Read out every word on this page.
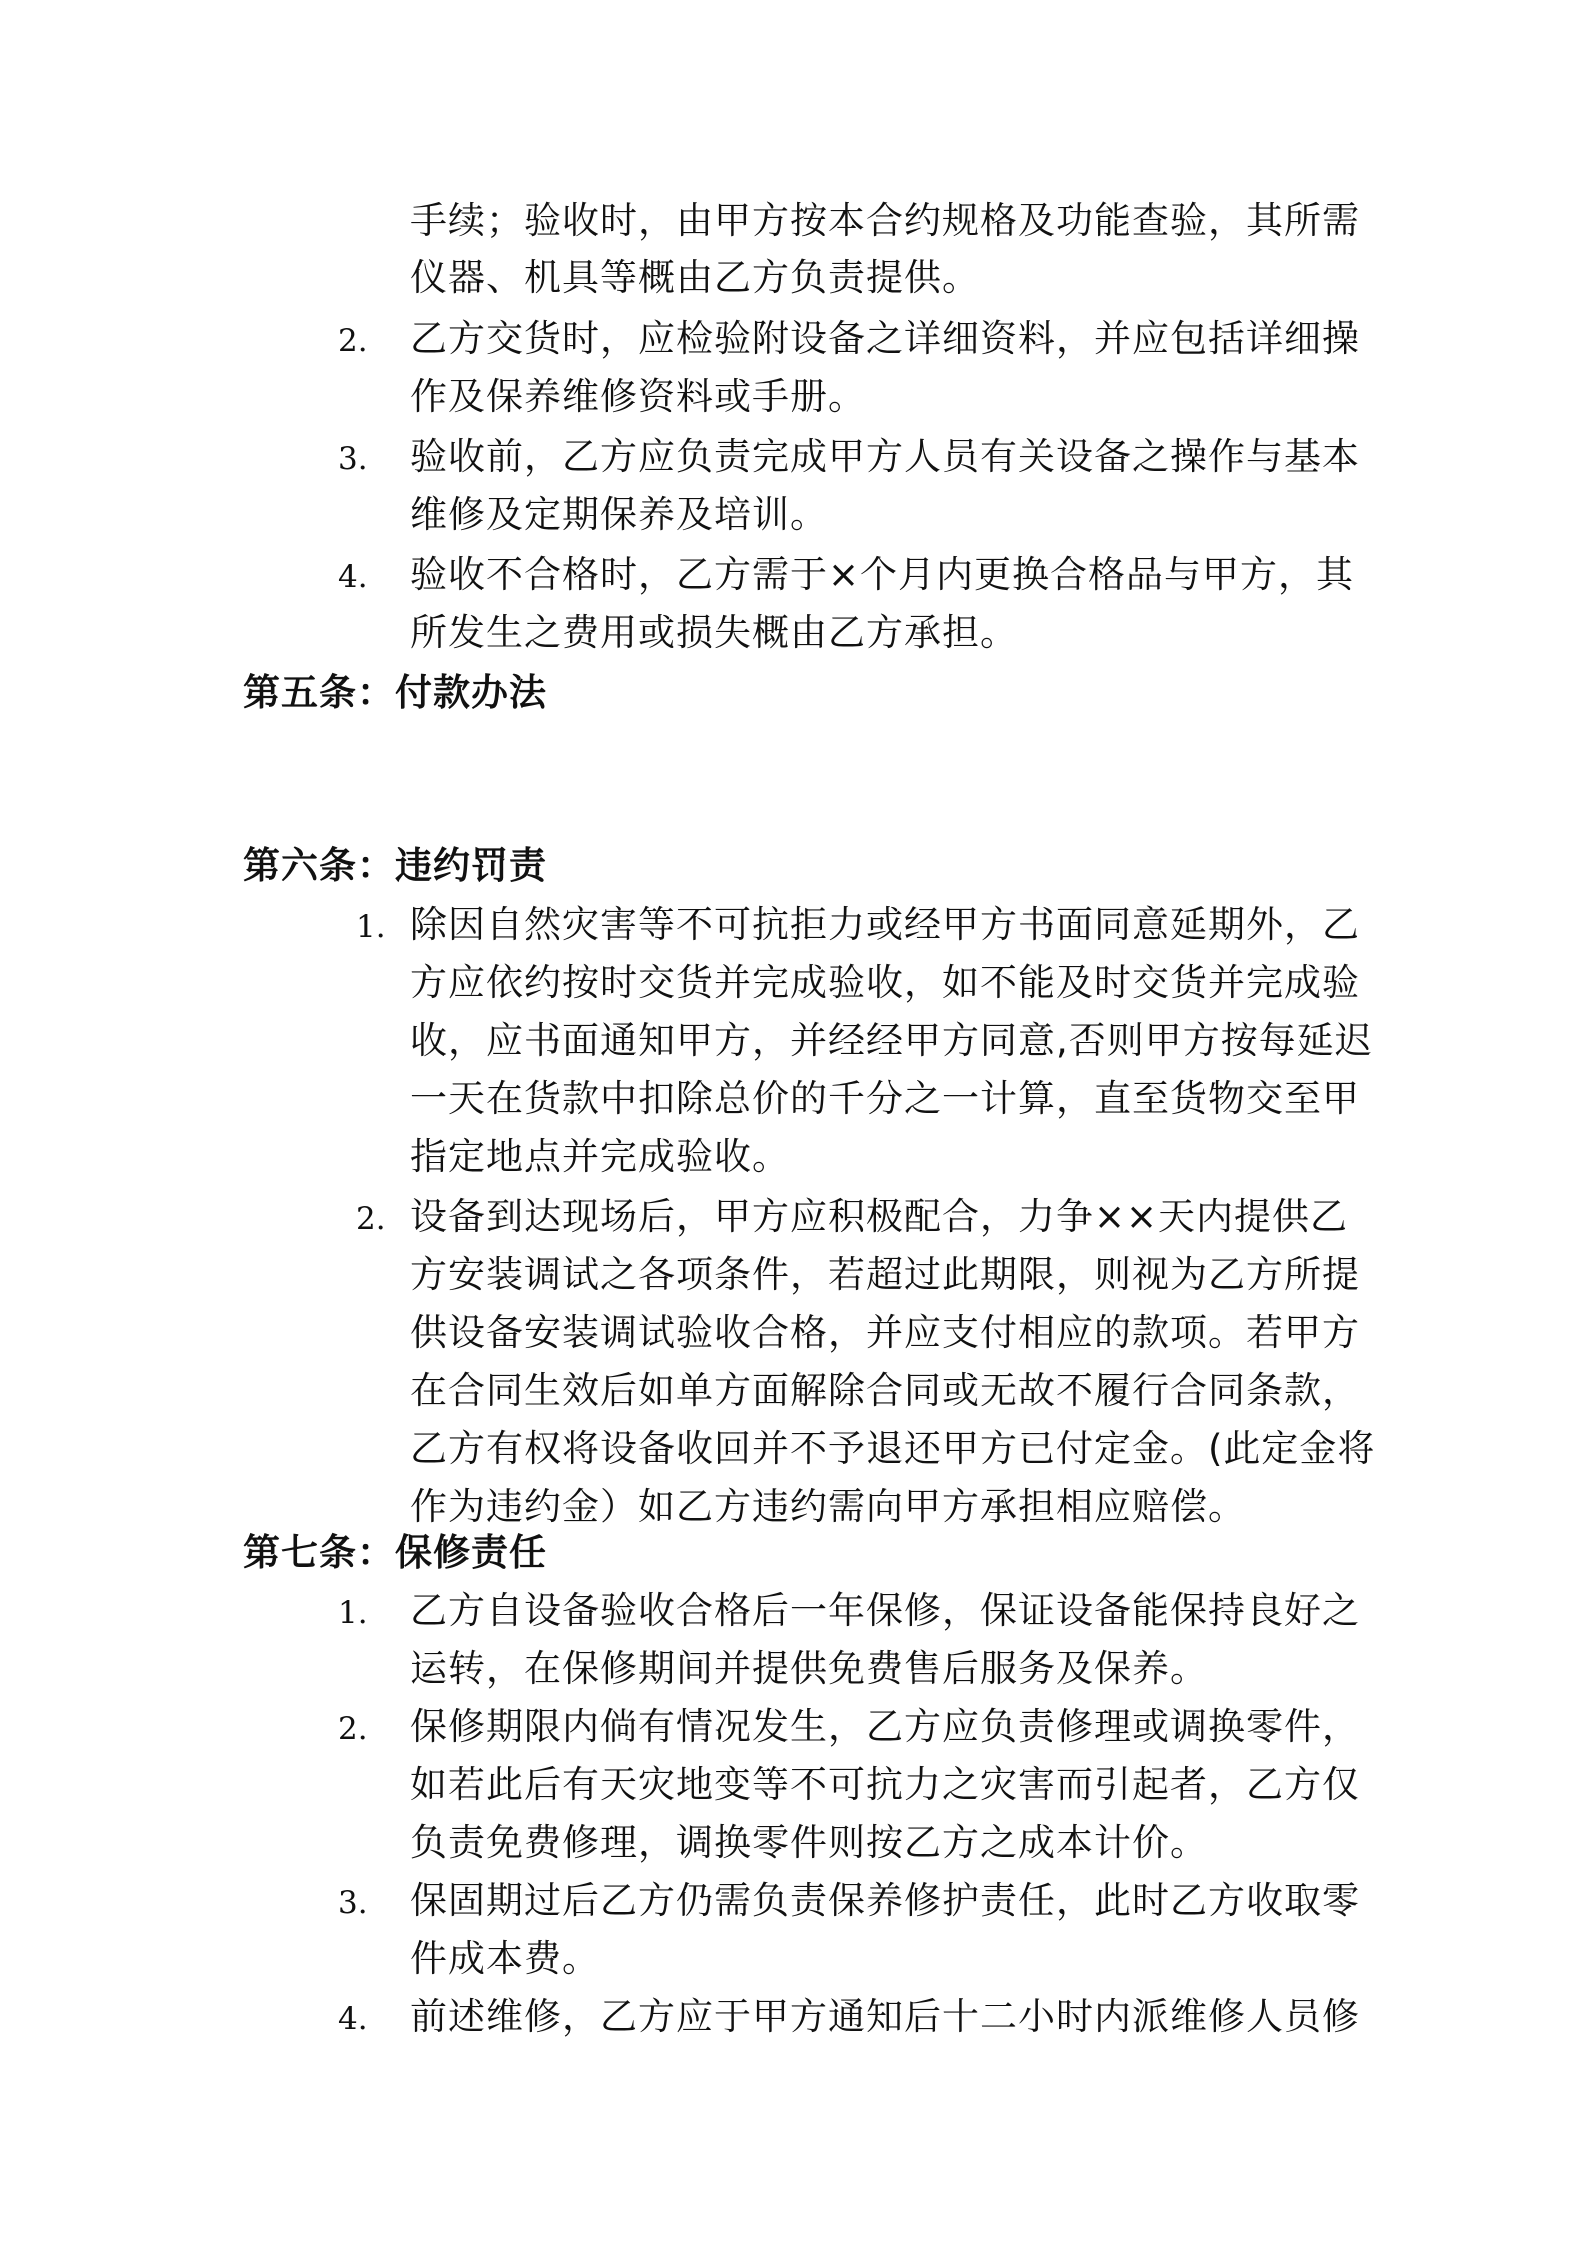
手续；验收时，由甲方按本合约规格及功能查验，其所需
仪器、机具等概由乙方负责提供。
2. 乙方交货时，应检验附设备之详细资料，并应包括详细操
作及保养维修资料或手册。
3. 验收前，乙方应负责完成甲方人员有关设备之操作与基本
维修及定期保养及培训。
4. 验收不合格时，乙方需于×个月内更换合格品与甲方，其
所发生之费用或损失概由乙方承担。
第五条：付款办法
第六条：违约罚责
1. 除因自然灾害等不可抗拒力或经甲方书面同意延期外，乙
方应依约按时交货并完成验收，如不能及时交货并完成验
收，应书面通知甲方，并经经甲方同意,否则甲方按每延迟
一天在货款中扣除总价的千分之一计算，直至货物交至甲
指定地点并完成验收。
2. 设备到达现场后，甲方应积极配合，力争××天内提供乙
方安装调试之各项条件，若超过此期限，则视为乙方所提
供设备安装调试验收合格，并应支付相应的款项。若甲方
在合同生效后如单方面解除合同或无故不履行合同条款，
乙方有权将设备收回并不予退还甲方已付定金。(此定金将
作为违约金）如乙方违约需向甲方承担相应赔偿。
第七条：保修责任
1. 乙方自设备验收合格后一年保修，保证设备能保持良好之
运转，在保修期间并提供免费售后服务及保养。
2. 保修期限内倘有情况发生，乙方应负责修理或调换零件，
如若此后有天灾地变等不可抗力之灾害而引起者，乙方仅
负责免费修理，调换零件则按乙方之成本计价。
3. 保固期过后乙方仍需负责保养修护责任，此时乙方收取零
件成本费。
4. 前述维修，乙方应于甲方通知后十二小时内派维修人员修
